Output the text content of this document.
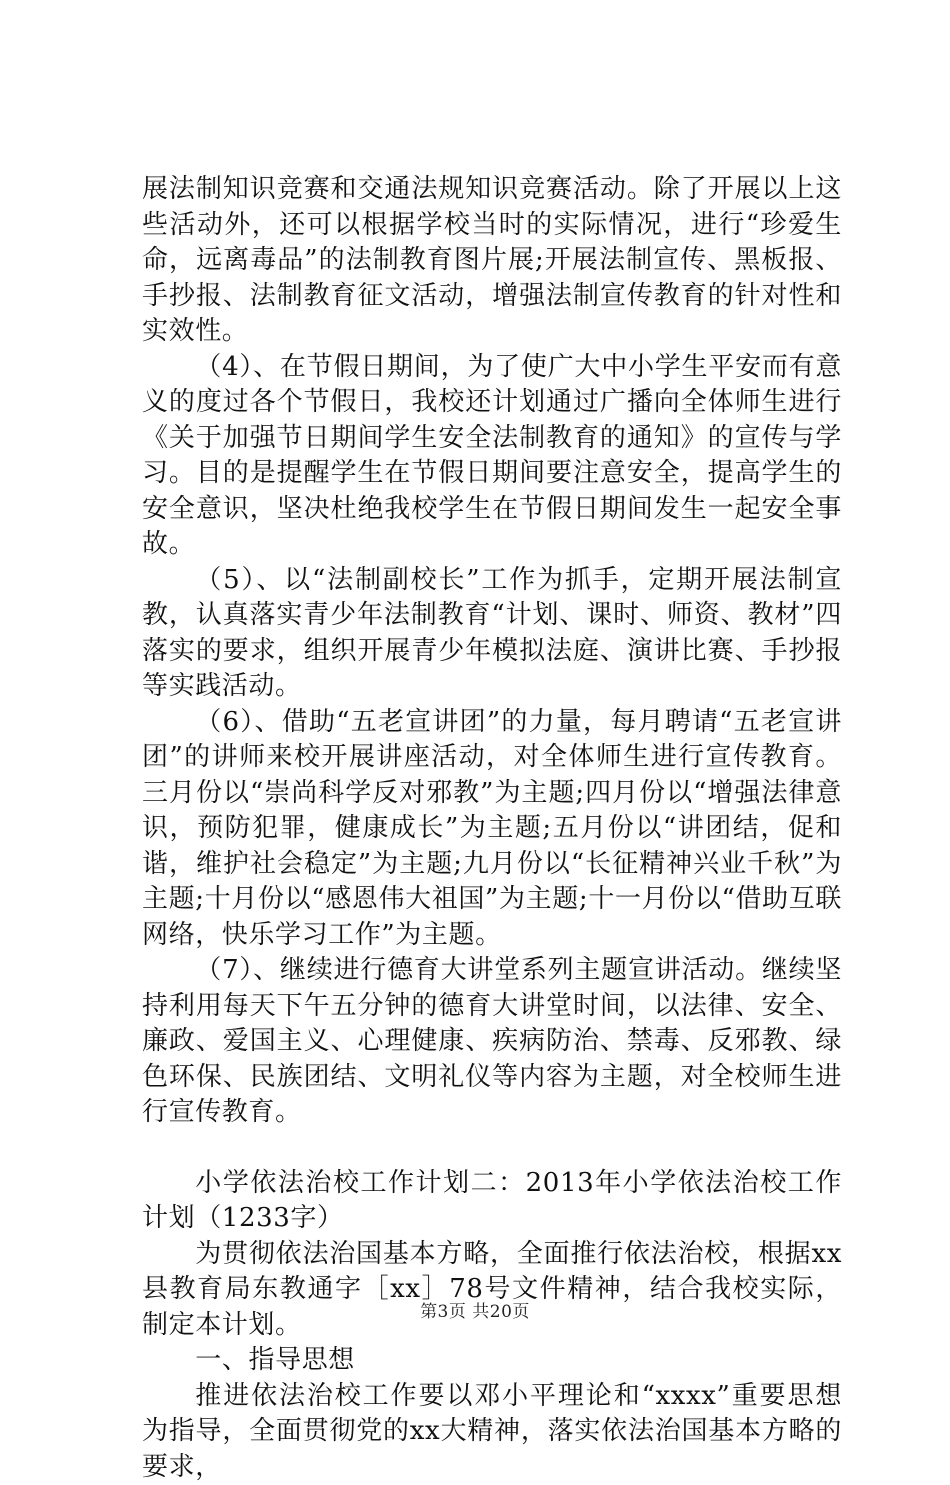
展法制知识竞赛和交通法规知识竞赛活动。除了开展以上这些活动外，还可以根据学校当时的实际情况，进行“珍爱生命，远离毒品”的法制教育图片展;开展法制宣传、黑板报、手抄报、法制教育征文活动，增强法制宣传教育的针对性和实效性。

（4）、在节假日期间，为了使广大中小学生平安而有意义的度过各个节假日，我校还计划通过广播向全体师生进行《关于加强节日期间学生安全法制教育的通知》的宣传与学习。目的是提醒学生在节假日期间要注意安全，提高学生的安全意识，坚决杜绝我校学生在节假日期间发生一起安全事故。

（5）、以“法制副校长”工作为抓手，定期开展法制宣教，认真落实青少年法制教育“计划、课时、师资、教材”四落实的要求，组织开展青少年模拟法庭、演讲比赛、手抄报等实践活动。

（6）、借助“五老宣讲团”的力量，每月聘请“五老宣讲团”的讲师来校开展讲座活动，对全体师生进行宣传教育。三月份以“崇尚科学反对邪教”为主题;四月份以“增强法律意识，预防犯罪，健康成长”为主题;五月份以“讲团结，促和谐，维护社会稳定”为主题;九月份以“长征精神兴业千秋”为主题;十月份以“感恩伟大祖国”为主题;十一月份以“借助互联网络，快乐学习工作”为主题。

（7）、继续进行德育大讲堂系列主题宣讲活动。继续坚持利用每天下午五分钟的德育大讲堂时间，以法律、安全、廉政、爱国主义、心理健康、疾病防治、禁毒、反邪教、绿色环保、民族团结、文明礼仪等内容为主题，对全校师生进行宣传教育。

小学依法治校工作计划二：2013年小学依法治校工作计划（1233字）

为贯彻依法治国基本方略，全面推行依法治校，根据xx县教育局东教通字［xx］78号文件精神，结合我校实际，制定本计划。

一、指导思想

推进依法治校工作要以邓小平理论和“xxxx”重要思想为指导，全面贯彻党的xx大精神，落实依法治国基本方略的要求，

第3页 共20页
